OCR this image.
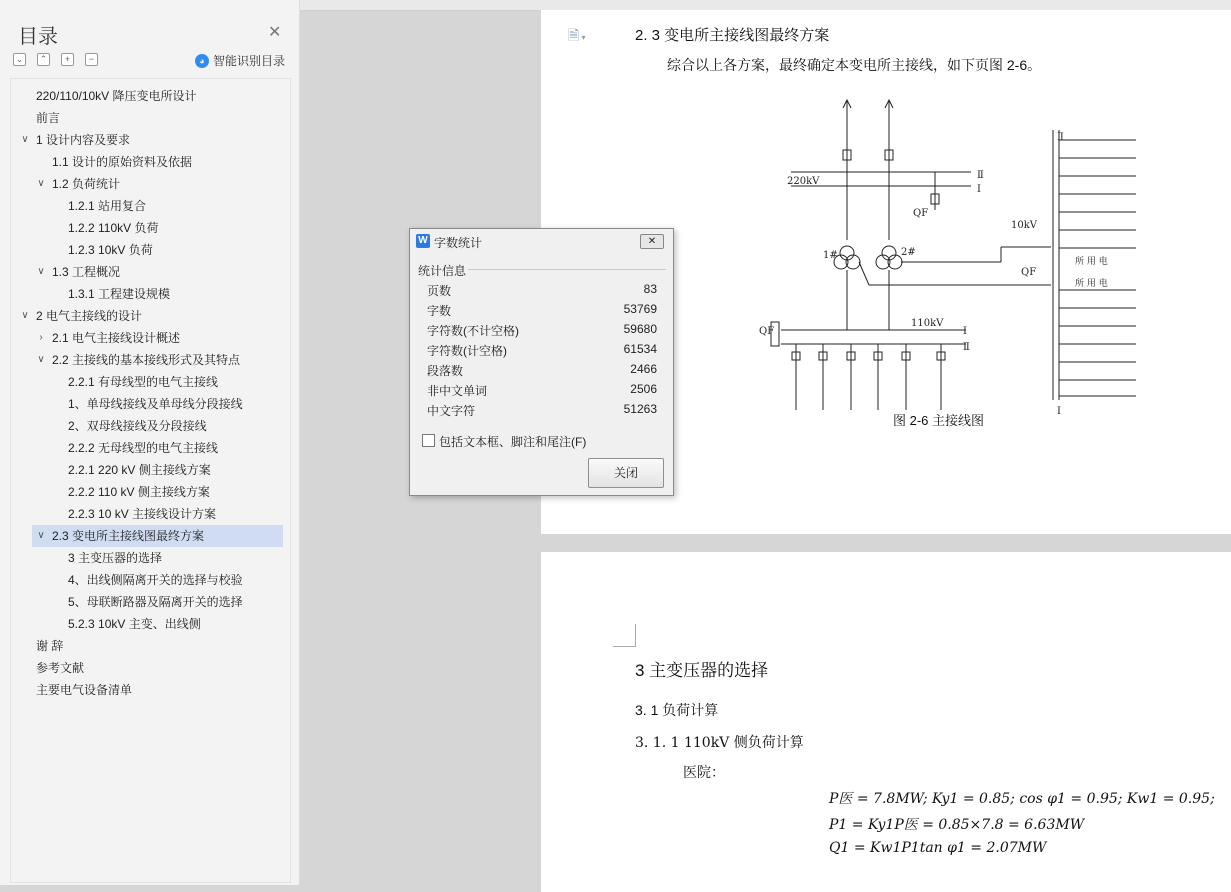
目录	✕
⌄	⌃	+	−	◕ 智能识别目录
220/110/10kV 降压变电所设计
前言
∨ 1 设计内容及要求
1.1 设计的原始资料及依据
∨ 1.2 负荷统计
1.2.1 站用复合
1.2.2 110kV 负荷
1.2.3 10kV 负荷
∨ 1.3 工程概况
1.3.1 工程建设规模
∨ 2 电气主接线的设计
› 2.1 电气主接线设计概述
∨ 2.2 主接线的基本接线形式及其特点
2.2.1 有母线型的电气主接线
1、单母线接线及单母线分段接线
2、双母线接线及分段接线
2.2.2 无母线型的电气主接线
2.2.1 220 kV 侧主接线方案
2.2.2 110 kV 侧主接线方案
2.2.3 10 kV 主接线设计方案
∨ 2.3 变电所主接线图最终方案
3 主变压器的选择
4、出线侧隔离开关的选择与校验
5、母联断路器及隔离开关的选择
5.2.3 10kV 主变、出线侧
谢 辞
参考文献
主要电气设备清单
🗎 ▾	2. 3 变电所主接线图最终方案
综合以上各方案，最终确定本变电所主接线，如下页图 2-6。
220kV
Ⅱ
Ⅰ
QF
1#	2#
10kV
QF
110kV
QF	Ⅰ
Ⅱ
Ⅱ
Ⅰ
所 用 电
所 用 电
图 2-6 主接线图
3 主变压器的选择
3. 1 负荷计算
3. 1. 1 110kV 侧负荷计算
医院：
P医 = 7.8MW; Ky1 = 0.85; cos φ1 = 0.95; Kw1 = 0.95;
P1 = Ky1P医 = 0.85×7.8 = 6.63MW
Q1 = Kw1P1tan φ1 = 2.07MW
W 字数统计	✕
统计信息
页数	83
字数	53769
字符数(不计空格)	59680
字符数(计空格)	61534
段落数	2466
非中文单词	2506
中文字符	51263
包括文本框、脚注和尾注(F)
关闭
